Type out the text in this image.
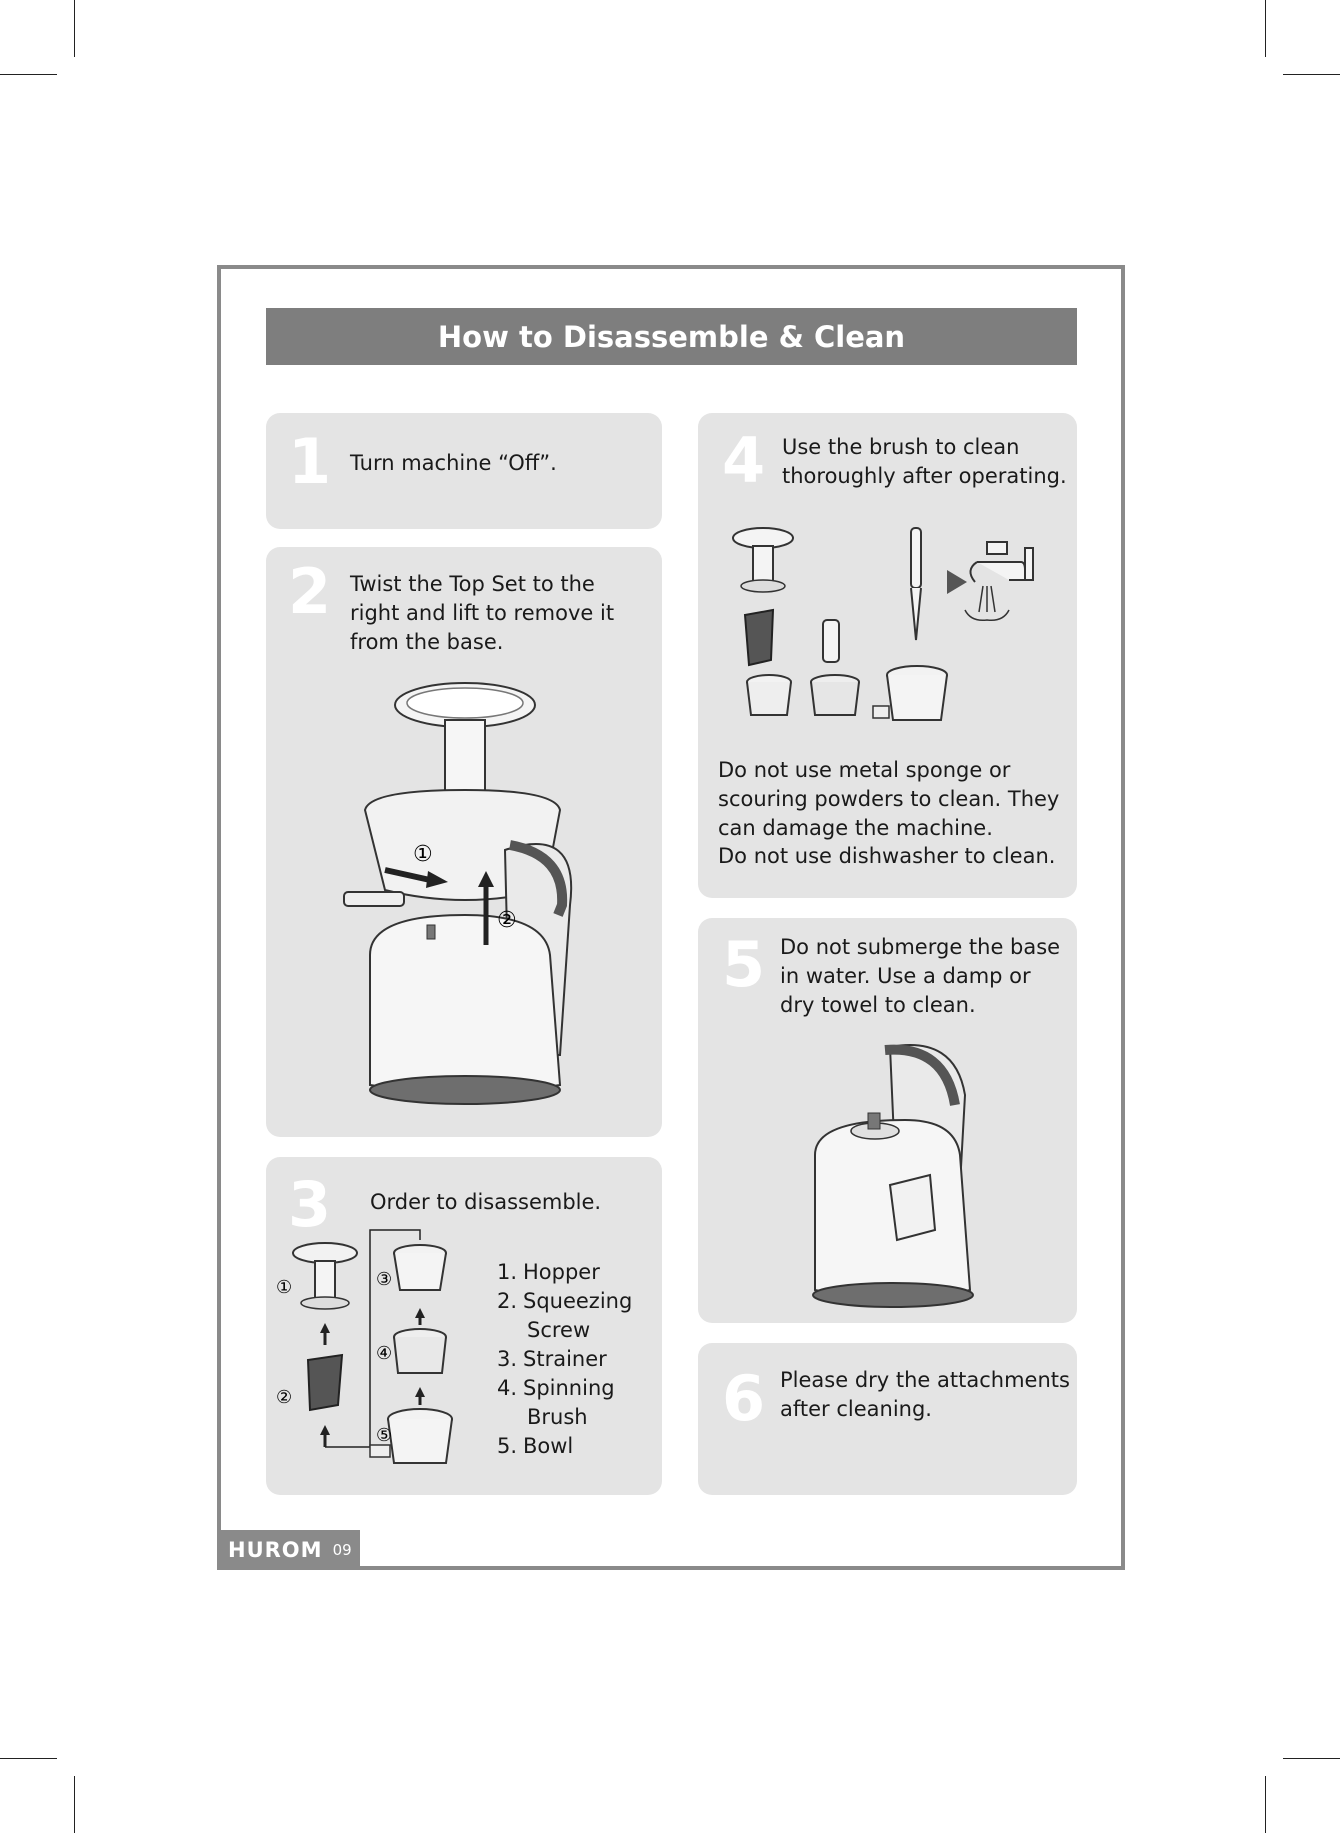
How to Disassemble & Clean
1 Turn machine “Off”.
2 Twist the Top Set to the right and lift to remove it from the base.
①
②
3 Order to disassemble.
①
②
③
④
⑤
1. Hopper
2. Squeezing
Screw
3. Strainer
4. Spinning
Brush
5. Bowl
4 Use the brush to clean thoroughly after operating.
Do not use metal sponge or scouring powders to clean. They can damage the machine.
Do not use dishwasher to clean.
5 Do not submerge the base in water. Use a damp or dry towel to clean.
6 Please dry the attachments after cleaning.
HUROM 09
